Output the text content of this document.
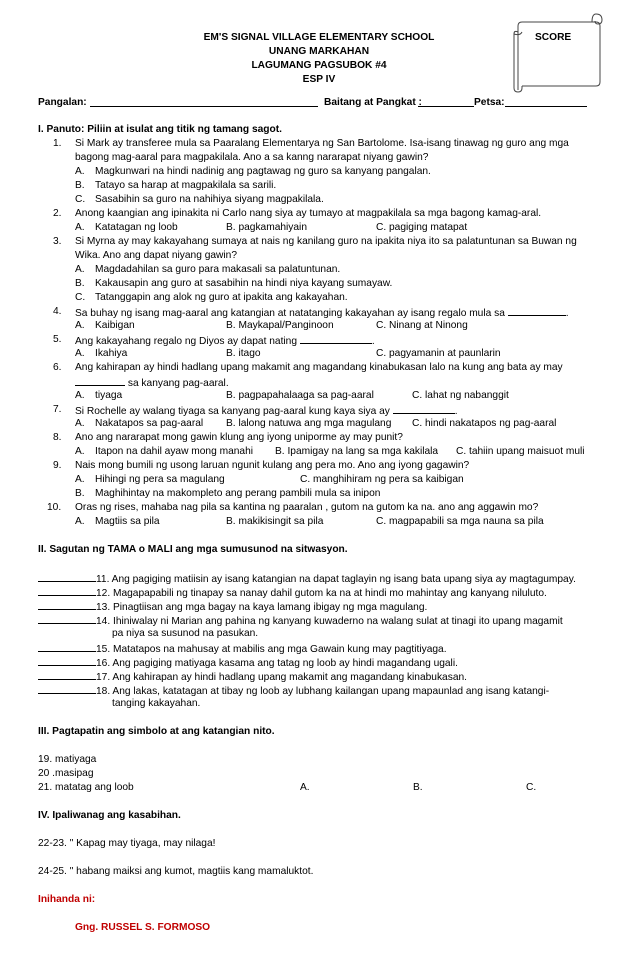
EM'S SIGNAL VILLAGE ELEMENTARY SCHOOL
UNANG MARKAHAN
LAGUMANG PAGSUBOK #4
ESP IV
SCORE
Pangalan:	Baitang at Pangkat :	Petsa:
I. Panuto: Piliin at isulat ang titik ng tamang sagot.
1. Si Mark ay transferee mula sa Paaralang Elementarya ng San Bartolome. Isa-isang tinawag ng guro ang mga
bagong mag-aaral para magpakilala. Ano a sa kanng nararapat niyang gawin?
A. Magkunwari na hindi nadinig ang pagtawag ng guro sa kanyang pangalan.
B. Tatayo sa harap at magpakilala sa sarili.
C. Sasabihin sa guro na nahihiya siyang magpakilala.
2. Anong kaangian ang ipinakita ni Carlo nang siya ay tumayo at magpakilala sa mga bagong kamag-aral.
A. Katatagan ng loob	B. pagkamahiyain	C. pagiging matapat
3. Si Myrna ay may kakayahang sumaya at nais ng kanilang guro na ipakita niya ito sa palatuntunan sa Buwan ng
Wika. Ano ang dapat niyang gawin?
A. Magdadahilan sa guro para makasali sa palatuntunan.
B. Kakausapin ang guro at sasabihin na hindi niya kayang sumayaw.
C. Tatanggapin ang alok ng guro at ipakita ang kakayahan.
4. Sa buhay ng isang mag-aaral ang katangian at natatanging kakayahan ay isang regalo mula sa	.
A. Kaibigan	B. Maykapal/Panginoon	C. Ninang at Ninong
5. Ang kakayahang regalo ng Diyos ay dapat nating	.
A. Ikahiya	B. itago	C. pagyamanin at paunlarin
6. Ang kahirapan ay hindi hadlang upang makamit ang magandang kinabukasan lalo na kung ang bata ay may
sa kanyang pag-aaral.
A. tiyaga	B. pagpapahalaaga sa pag-aaral	C. lahat ng nabanggit
7. Si Rochelle ay walang tiyaga sa kanyang pag-aaral kung kaya siya ay	.
A. Nakatapos sa pag-aaral B. lalong natuwa ang mga magulang C. hindi nakatapos ng pag-aaral
8. Ano ang nararapat mong gawin klung ang iyong uniporme ay may punit?
A. Itapon na dahil ayaw mong manahi B. Ipamigay na lang sa mga kakilala C. tahiin upang maisuot muli
9. Nais mong bumili ng usong laruan ngunit kulang ang pera mo. Ano ang iyong gagawin?
A. Hihingi ng pera sa magulang	C. manghihiram ng pera sa kaibigan
B. Maghihintay na makompleto ang perang pambili mula sa inipon
10. Oras ng rises, mahaba nag pila sa kantina ng paaralan , gutom na gutom ka na. ano ang aggawin mo?
A. Magtiis sa pila	B. makikisingit sa pila	C. magpapabili sa mga nauna sa pila
II. Sagutan ng TAMA o MALI ang mga sumusunod na sitwasyon.
11. Ang pagiging matiisin ay isang katangian na dapat taglayin ng isang bata upang siya ay magtagumpay.
12. Magapapabili ng tinapay sa nanay dahil gutom ka na at hindi mo mahintay ang kanyang niluluto.
13. Pinagtiisan ang mga bagay na kaya lamang ibigay ng mga magulang.
14. Ihiniwalay ni Marian ang pahina ng kanyang kuwaderno na walang sulat at tinagi ito upang magamit
pa niya sa susunod na pasukan.
15. Matatapos na mahusay at mabilis ang mga Gawain kung may pagtitiyaga.
16. Ang pagiging matiyaga kasama ang tatag ng loob ay hindi magandang ugali.
17. Ang kahirapan ay hindi hadlang upang makamit ang magandang kinabukasan.
18. Ang lakas, katatagan at tibay ng loob ay lubhang kailangan upang mapaunlad ang isang katangi-
tanging kakayahan.
III. Pagtapatin ang simbolo at ang katangian nito.
19. matiyaga
20 .masipag
21. matatag ang loob	A.	B.	C.
IV. Ipaliwanag ang kasabihan.
22-23. " Kapag may tiyaga, may nilaga!
24-25. " habang maiksi ang kumot, magtiis kang mamaluktot.
Inihanda ni:
Gng. RUSSEL S. FORMOSO
